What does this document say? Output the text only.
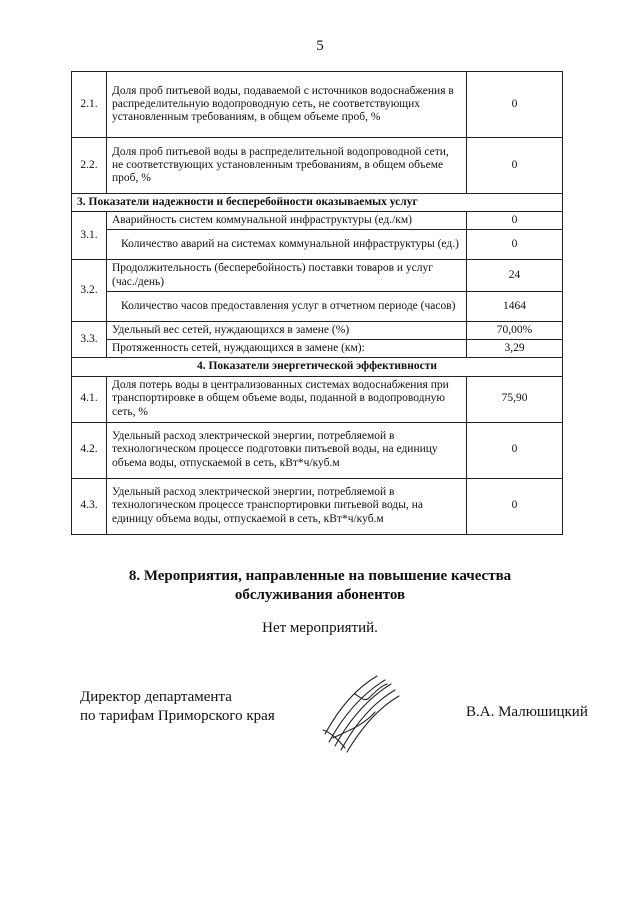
5
2.1.	Доля проб питьевой воды, подаваемой с источников водоснабжения в распределительную водопроводную сеть, не соответствующих установленным требованиям, в общем объеме проб, %	0
2.2.	Доля проб питьевой воды в распределительной водопроводной сети, не соответствующих установленным требованиям, в общем объеме проб, %	0
3. Показатели надежности и бесперебойности оказываемых услуг		
3.1.	Аварийность систем коммунальной инфраструктуры (ед./км)	0
	Количество аварий на системах коммунальной инфраструктуры (ед.)	0
3.2.	Продолжительность (бесперебойность) поставки товаров и услуг (час./день)	24
	Количество часов предоставления услуг в отчетном периоде (часов)	1464
3.3.	Удельный вес сетей, нуждающихся в замене (%)	70,00%
	Протяженность сетей, нуждающихся в замене (км):	3,29
4. Показатели энергетической эффективности		
4.1.	Доля потерь воды в централизованных системах водоснабжения при транспортировке в общем объеме воды, поданной в водопроводную сеть, %	75,90
4.2.	Удельный расход электрической энергии, потребляемой в технологическом процессе подготовки питьевой воды, на единицу объема воды, отпускаемой в сеть, кВт*ч/куб.м	0
4.3.	Удельный расход электрической энергии, потребляемой в технологическом процессе транспортировки питьевой воды, на единицу объема воды, отпускаемой в сеть, кВт*ч/куб.м	0
8. Мероприятия, направленные на повышение качества
обслуживания абонентов
Нет мероприятий.
Директор департамента
по тарифам Приморского края	В.А. Малюшицкий
